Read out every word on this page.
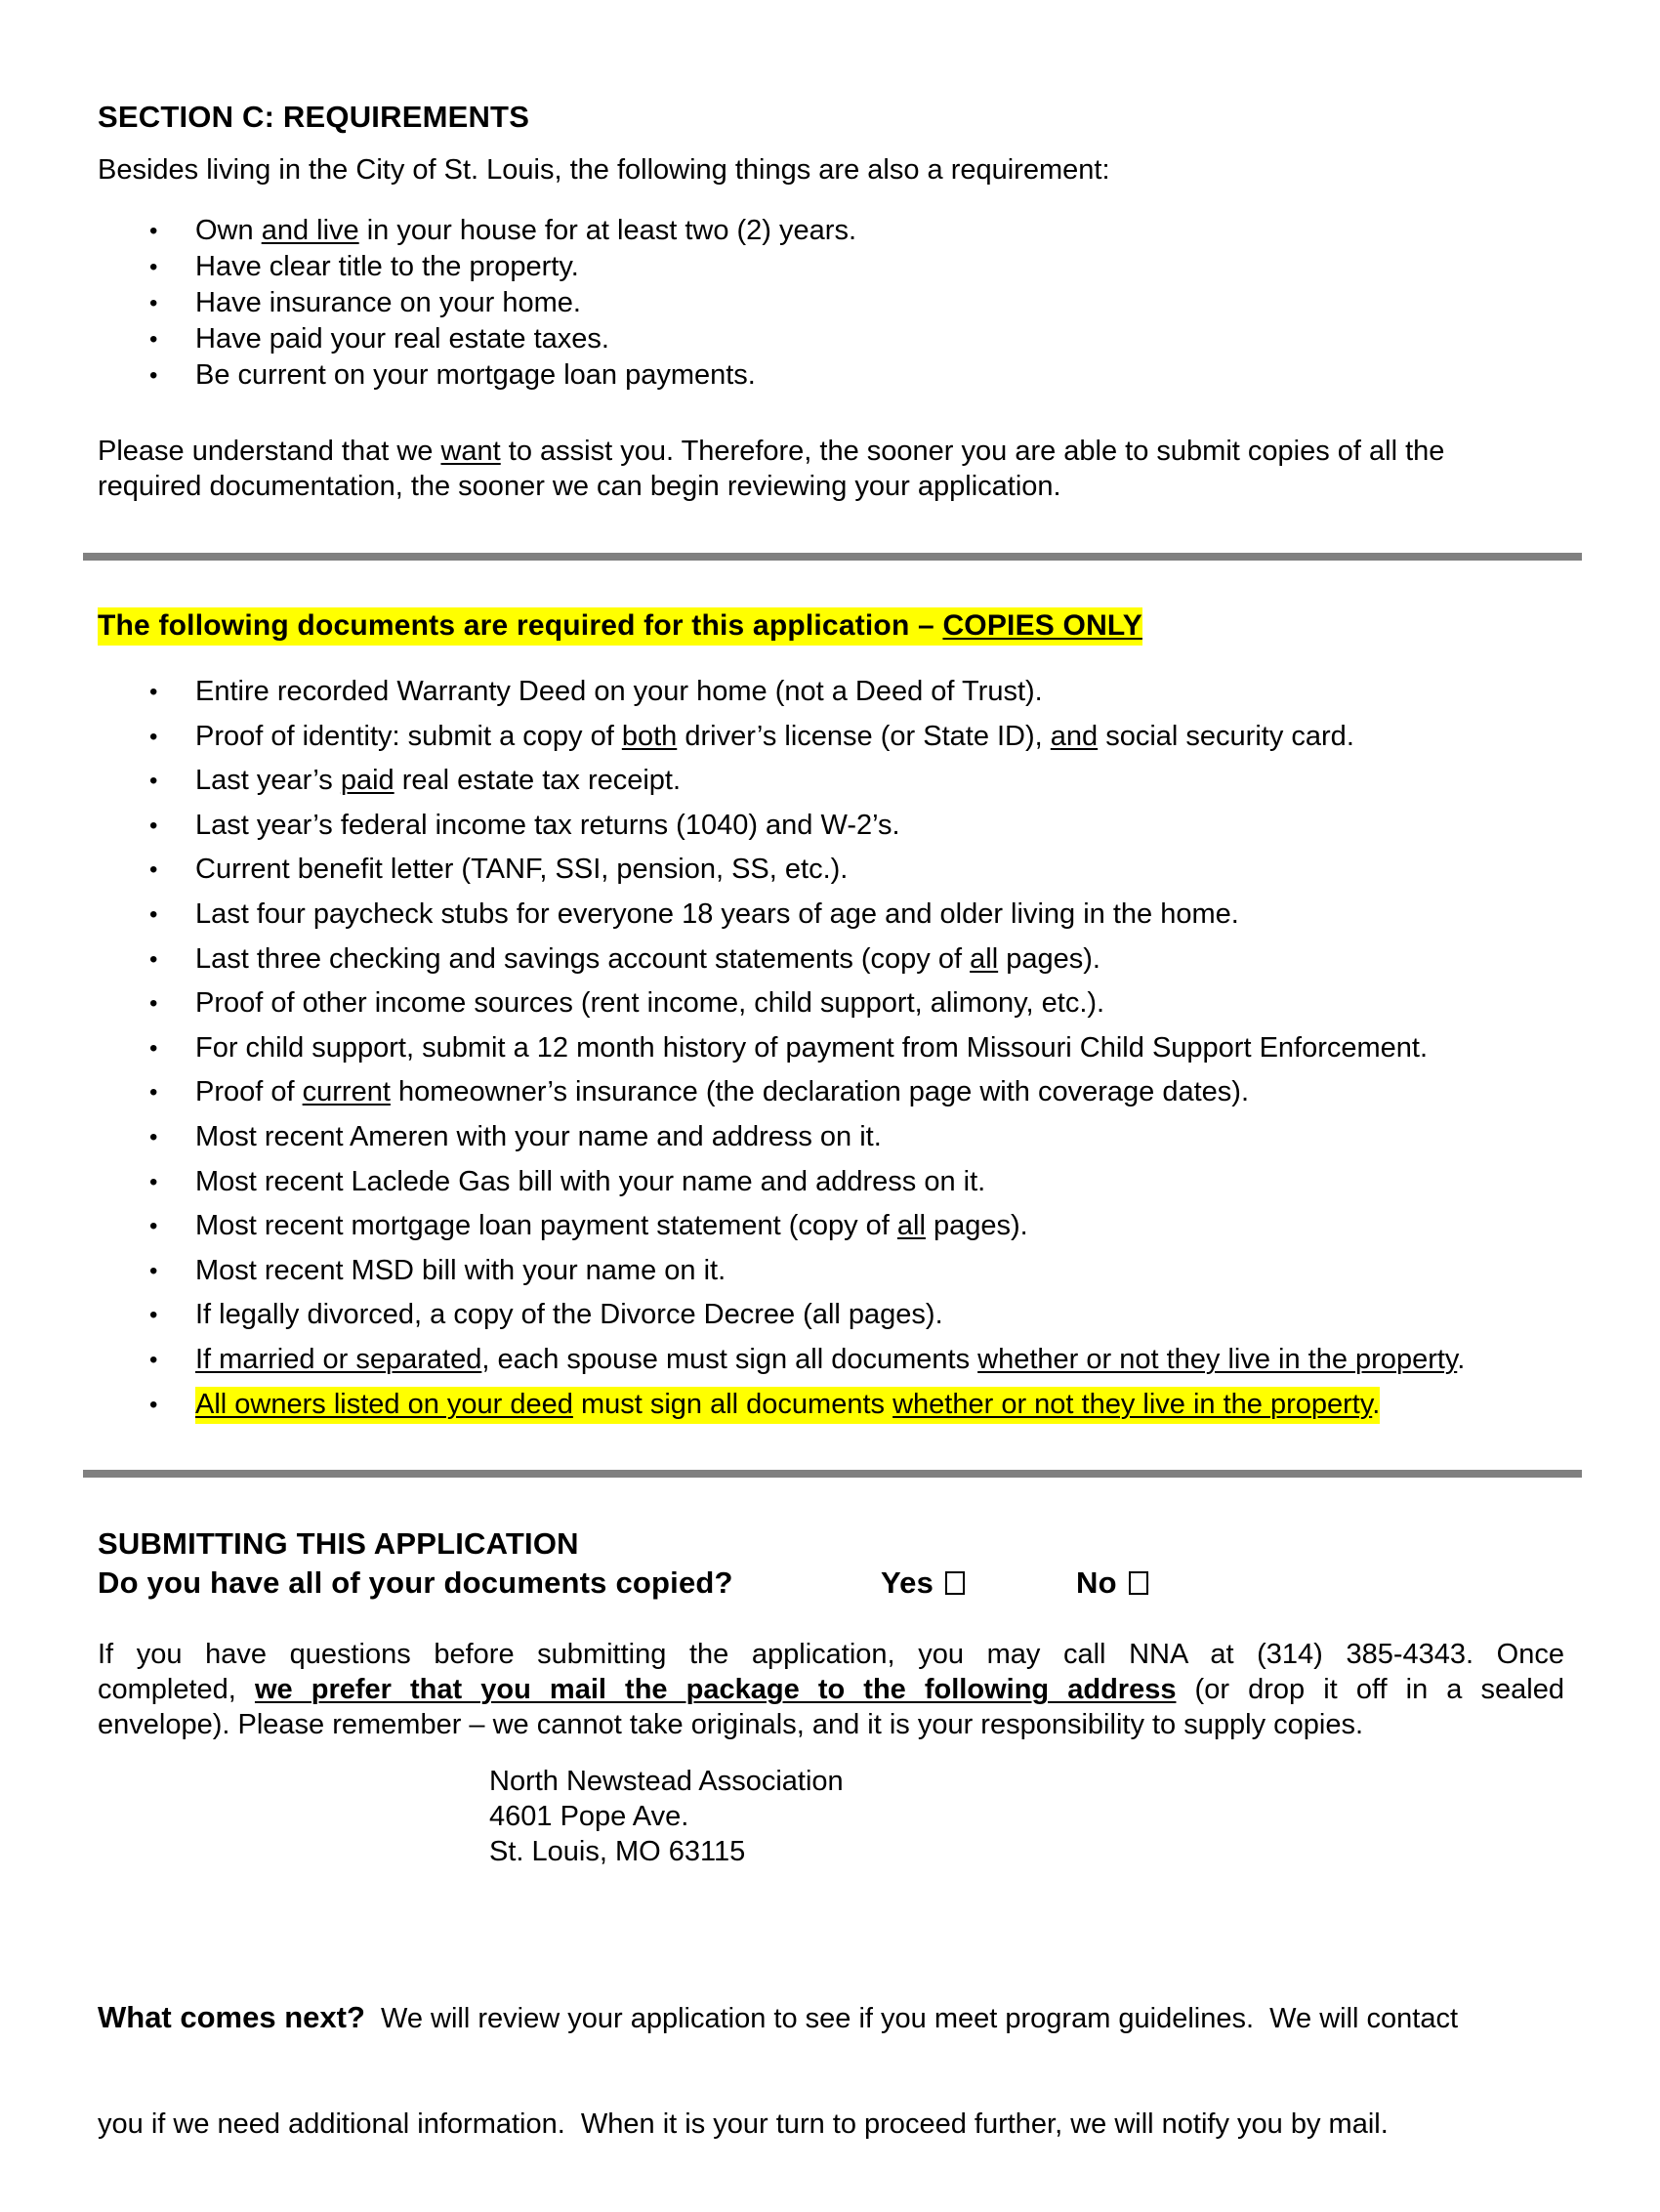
SECTION C: REQUIREMENTS
Besides living in the City of St. Louis, the following things are also a requirement:
• Own and live in your house for at least two (2) years.
• Have clear title to the property.
• Have insurance on your home.
• Have paid your real estate taxes.
• Be current on your mortgage loan payments.
Please understand that we want to assist you. Therefore, the sooner you are able to submit copies of all the
required documentation, the sooner we can begin reviewing your application.
The following documents are required for this application – COPIES ONLY
• Entire recorded Warranty Deed on your home (not a Deed of Trust).
• Proof of identity: submit a copy of both driver’s license (or State ID), and social security card.
• Last year’s paid real estate tax receipt.
• Last year’s federal income tax returns (1040) and W-2’s.
• Current benefit letter (TANF, SSI, pension, SS, etc.).
• Last four paycheck stubs for everyone 18 years of age and older living in the home.
• Last three checking and savings account statements (copy of all pages).
• Proof of other income sources (rent income, child support, alimony, etc.).
• For child support, submit a 12 month history of payment from Missouri Child Support Enforcement.
• Proof of current homeowner’s insurance (the declaration page with coverage dates).
• Most recent Ameren with your name and address on it.
• Most recent Laclede Gas bill with your name and address on it.
• Most recent mortgage loan payment statement (copy of all pages).
• Most recent MSD bill with your name on it.
• If legally divorced, a copy of the Divorce Decree (all pages).
• If married or separated, each spouse must sign all documents whether or not they live in the property.
• All owners listed on your deed must sign all documents whether or not they live in the property.
SUBMITTING THIS APPLICATION
Do you have all of your documents copied?	Yes	No
If you have questions before submitting the application, you may call NNA at (314) 385-4343. Once
completed, we prefer that you mail the package to the following address (or drop it off in a sealed
envelope). Please remember – we cannot take originals, and it is your responsibility to supply copies.
North Newstead Association
4601 Pope Ave.
St. Louis, MO 63115

What comes next?  We will review your application to see if you meet program guidelines.  We will contact

you if we need additional information.  When it is your turn to proceed further, we will notify you by mail.
